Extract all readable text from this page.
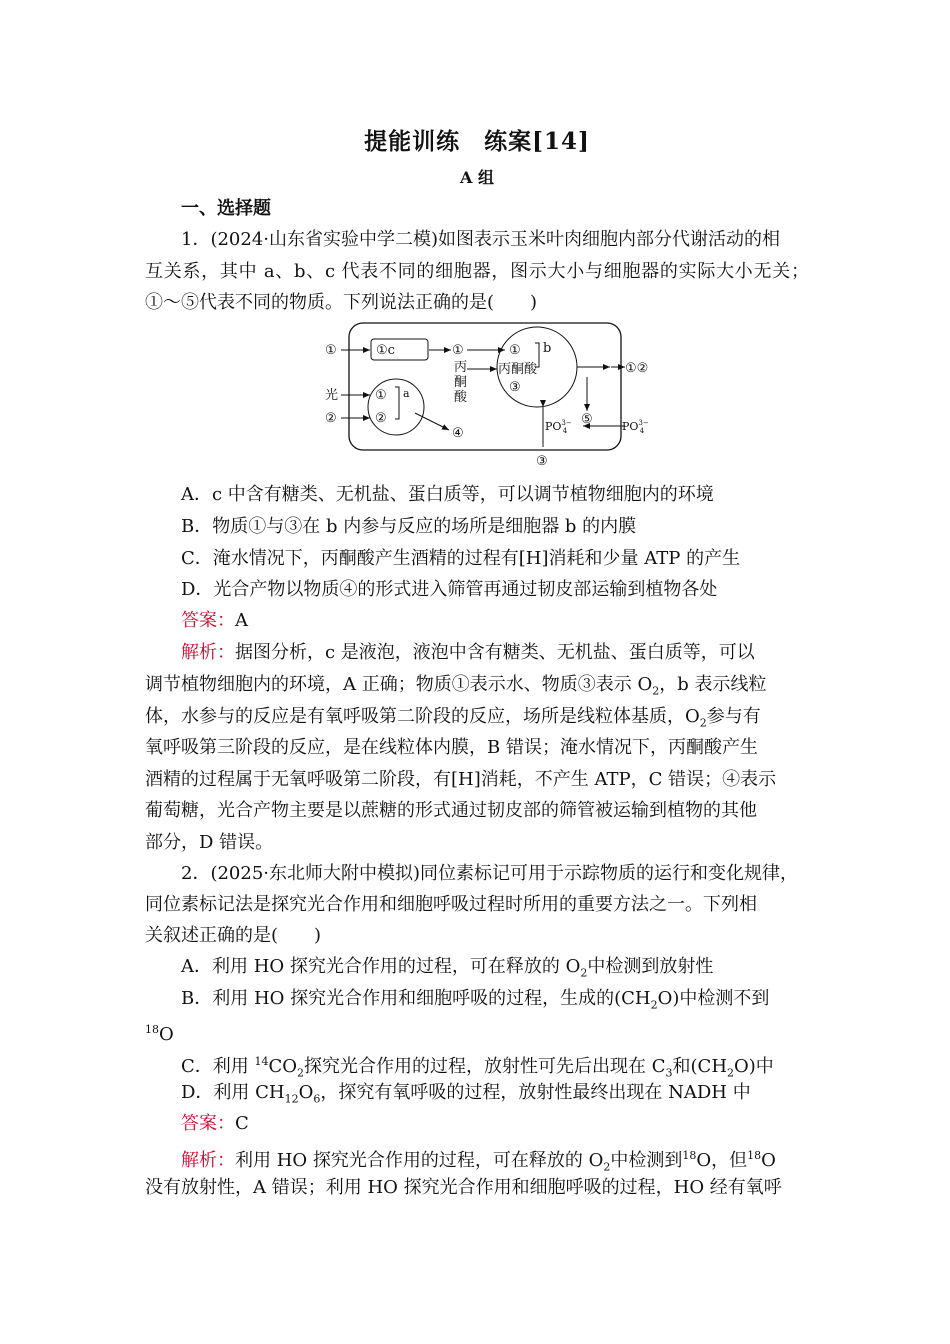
提能训练　练案[14]
A 组
一、选择题
1．(2024·山东省实验中学二模)如图表示玉米叶肉细胞内部分代谢活动的相
互关系，其中 a、b、c 代表不同的细胞器，图示大小与细胞器的实际大小无关；
①～⑤代表不同的物质。下列说法正确的是(　　)
①	①c	①
丙
酮
酸
① b
丙酮酸
③
①②
光
②
①
②
a
④
③
⑤
$PO^{3-}$ 4	$PO^{3-}$ 4
A．c 中含有糖类、无机盐、蛋白质等，可以调节植物细胞内的环境
B．物质①与③在 b 内参与反应的场所是细胞器 b 的内膜
C．淹水情况下，丙酮酸产生酒精的过程有[H]消耗和少量 ATP 的产生
D．光合产物以物质④的形式进入筛管再通过韧皮部运输到植物各处
答案：A
解析：据图分析，c 是液泡，液泡中含有糖类、无机盐、蛋白质等，可以
调节植物细胞内的环境，A 正确；物质①表示水、物质③表示 $O_2$，b 表示线粒
体，水参与的反应是有氧呼吸第二阶段的反应，场所是线粒体基质，$O_2$参与有
氧呼吸第三阶段的反应，是在线粒体内膜，B 错误；淹水情况下，丙酮酸产生
酒精的过程属于无氧呼吸第二阶段，有[H]消耗，不产生 ATP，C 错误；④表示
葡萄糖，光合产物主要是以蔗糖的形式通过韧皮部的筛管被运输到植物的其他
部分，D 错误。
2．(2025·东北师大附中模拟)同位素标记可用于示踪物质的运行和变化规律，
同位素标记法是探究光合作用和细胞呼吸过程时所用的重要方法之一。下列相
关叙述正确的是(　　)
A．利用 HO 探究光合作用的过程，可在释放的 $O_2$中检测到放射性
B．利用 HO 探究光合作用和细胞呼吸的过程，生成的$(CH_2O)$中检测不到
$^{18}$O
C．利用 $^{14}CO_2$探究光合作用的过程，放射性可先后出现在 $C_3$和$(CH_2O)$中
D．利用 $CH_{12}O_6$，探究有氧呼吸的过程，放射性最终出现在 NADH 中
答案：C
解析：利用 HO 探究光合作用的过程，可在释放的 $O_2$中检测到$^{18}$O，但$^{18}$O
没有放射性，A 错误；利用 HO 探究光合作用和细胞呼吸的过程，HO 经有氧呼
